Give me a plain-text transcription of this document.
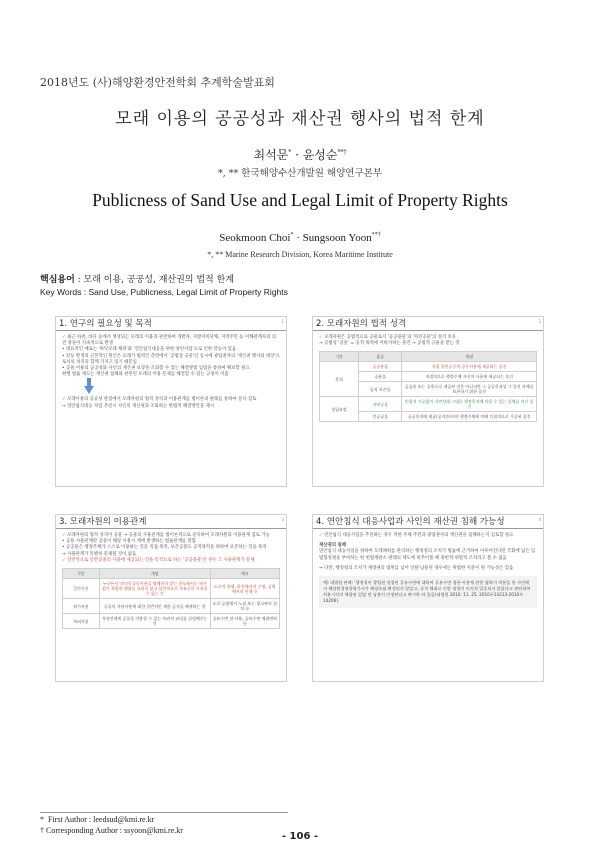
2018년도 (사)해양환경안전학회 추계학술발표회
모래 이용의 공공성과 재산권 행사의 법적 한계
최석문* · 윤성순**†
*, ** 한국해양수산개발원 해양연구본부
Publicness of Sand Use and Legal Limit of Property Rights
Seokmoon Choi* · Sungsoon Yoon**†
*, ** Marine Research Division, Korea Maritime Institute
핵심용어 : 모래 이용, 공공성, 재산권의 법적 한계
Key Words : Sand Use, Publicness, Legal Limit of Property Rights
1. 연구의 필요성 및 목적	1
✓ 최근 하천, 바다 등에서 생성되는 모래의 이용과 관련하여 개발자, 지방자치단체, 지역주민 등 이해관계자의 의견 충돌이 지속적으로 발생
• 대표적인 예로는 '바닷모래 채취'와 '연안침식대응을 위한 양빈사업'으로 인한 갈등이 있음
• 갈등 발생의 근본적인 원인은 모래가 법적인 측면에서 '공법상 공물'인 동시에 광업권자의 '재산권 행사의 대상'으로서의 성격을 함께 가지고 있기 때문임
• 공물 이용의 공공성와 사인의 재산권 보장을 조화할 수 있는 해결방법 입법을 통하여 확보할 필요
현행 법률 제도는 재산권 침해와 관련된 모래의 이용 문제를 해결할 수 있는 규정이 미흡
✓ 모래이용의 공공성 관점에서 모래자원의 법적 성격과 이용관계를 법이론과 판례를 통하여 분석·검토
→ 연안침식대응 사업 추진시 사인의 재산권과 조화하는 한법적 해결방안을 제시
2. 모래자원의 법적 성격	2
✓ 모래자원은 공법적으로 공물로서 '공공용물'과 '자연공물'의 성격 보유
→ 공법상 '공물' = 공적 목적에 이바지하는 물건 → 공법적 규율을 받는 것
기준	종류	개념
목적	공공용물	직접 일반공중의 공동사용에 제공되는 물건
	공용물	직접적으로 행정주체 자신의 사용에 제공되는 물건
	공적 보존물	공공용 또는 공용으로 제공된 것은 아니지만 그 공공목적상 그 물건 자체를 보존하기 위한 물건
성립과정	자연공물	인위적 가공없이 자연상태 그대로 행정목적에 이용 수 있는 실체를 지닌 물건
	인공공물	공공목적에 제공(공지)되어야 행정주체에 의해 인위적으로 가공된 물건
3. 모래자원의 이용관계	3
✓ 모래자원의 법적 성격이 공물 → 공물의 사용관계를 법이론적으로 분석하여 모래자원의 이용관계 검토 가능
• 공용 사용관계란 공중이 해당 사용시 계에 발생하는 법률관계를 말함
• 공공물은 행정주체가 스스로 이용하는 것을 직접 목적, 보존공물도 공적목적을 위하여 보존하는 것을 목적
→ 사용관계가 특별히 문제될 것이 없음
✓ 일반적으로 일반공중의 사용에 제공되는 것을 특적으로 하는 '공공용물'인 경우 그 사용관계가 문제
구분	개념	예시
일반사용	누구든지 타인의 공동사용을 방해하지 않는 한도에서는 허가 없이 특별한 행위를 요하지 않고 일반적으로 자유로이 사용할 수 있는 것	도로의 통행, 하천에서의 수영, 공원에서의 산책 등
허가사용	공물의 자유사용에 대한 일반적인 제한·금지를 해제하는 것	도로·공원에서 노점 또는 광고판의 설치 등
특허사용	특정인에게 공물을 이용할 수 있는 특권적 권리를 설정해주는 것	공유수면 점·사용, 공유수면 매립면허 등
4. 연안침식 대응사업과 사인의 재산권 침해 가능성	4
✓ 연안침식 대응사업을 추진하는 경우 적한 주체 주민과 광업권자의 재산권을 침해하는지 검토할 필요
재산권의 침해
연안침식 대응사업을 위하여 모래채취를 관리하는 행정청의 조치가 법률에 근거하여 이루어진다면 국회에 넓은 입법형성권을 부여하는 헌 헌법재판소 판례의 태도에 비추어볼 때 위헌적·위법적 조치라고 볼 수 없음
→ 다만, 행정청의 조치가 재량권의 범위를 넘어 일탈·남용된 경우에는 위법한 처분이 될 가능성은 있음
예) 대법원 판례: '행정청이 광업권 설정된 공유수면에 대하여 공유수면 점용·사용에 관한 협력거 처분을 한 사안에서 해양환경영향평가서가 해양오염 확성되지 않았고, 규석 채취로 인한 영향이 미지적 입증되지 않았다고 판단하여 처분기각의 채량권 일탈 및 남용이 인정된다고 판시한 바 있음(대법원 2010. 11. 25. 2010두14213·2010두14206).
* First Author : leedsud@kmi.re.kr
† Corresponding Author : ssyoon@kmi.re.kr
- 106 -
